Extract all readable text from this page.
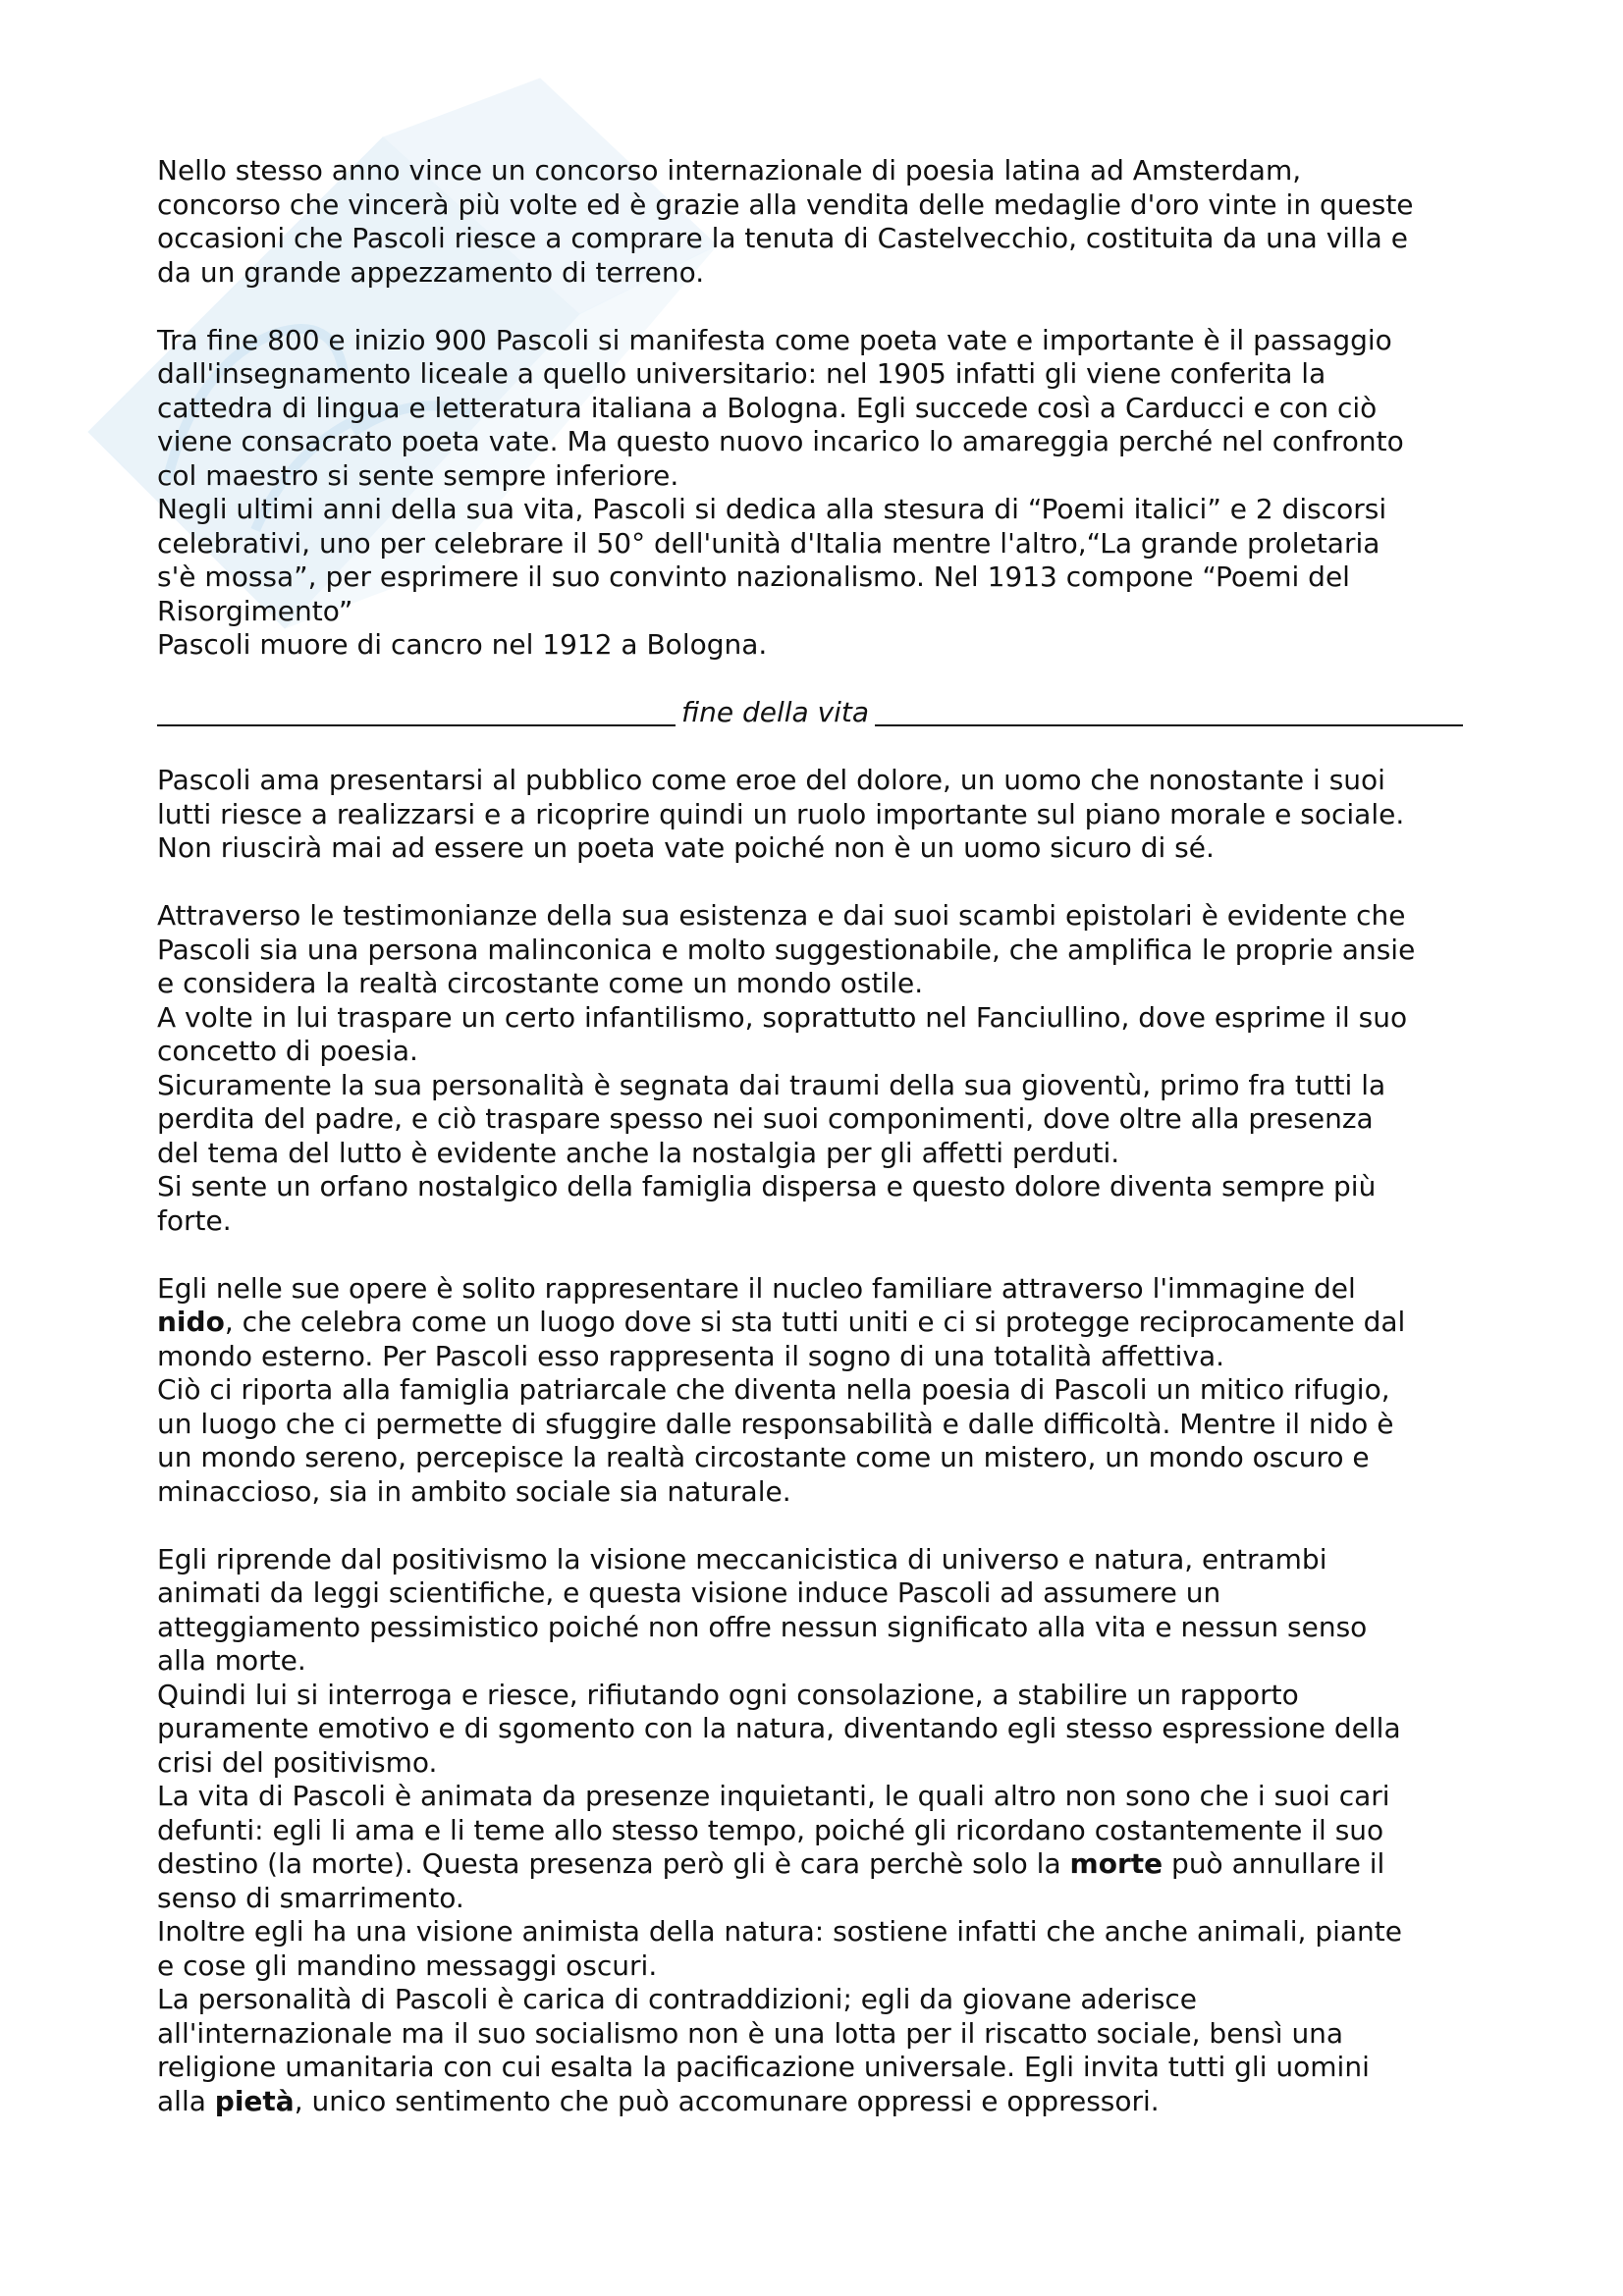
Nello stesso anno vince un concorso internazionale di poesia latina ad Amsterdam,

concorso che vincerà più volte ed è grazie alla vendita delle medaglie d'oro vinte in queste

occasioni che Pascoli riesce a comprare la tenuta di Castelvecchio, costituita da una villa e

da un grande appezzamento di terreno.

Tra fine 800 e inizio 900 Pascoli si manifesta come poeta vate e importante è il passaggio

dall'insegnamento liceale a quello universitario: nel 1905 infatti gli viene conferita la

cattedra di lingua e letteratura italiana a Bologna. Egli succede così a Carducci e con ciò

viene consacrato poeta vate. Ma questo nuovo incarico lo amareggia perché nel confronto

col maestro si sente sempre inferiore.

Negli ultimi anni della sua vita, Pascoli si dedica alla stesura di “Poemi italici” e 2 discorsi

celebrativi, uno per celebrare il 50° dell'unità d'Italia mentre l'altro,“La grande proletaria

s'è mossa”, per esprimere il suo convinto nazionalismo. Nel 1913 compone “Poemi del

Risorgimento”

Pascoli muore di cancro nel 1912 a Bologna.

fine della vita

Pascoli ama presentarsi al pubblico come eroe del dolore, un uomo che nonostante i suoi

lutti riesce a realizzarsi e a ricoprire quindi un ruolo importante sul piano morale e sociale.

Non riuscirà mai ad essere un poeta vate poiché non è un uomo sicuro di sé.

Attraverso le testimonianze della sua esistenza e dai suoi scambi epistolari è evidente che

Pascoli sia una persona malinconica e molto suggestionabile, che amplifica le proprie ansie

e considera la realtà circostante come un mondo ostile.

A volte in lui traspare un certo infantilismo, soprattutto nel Fanciullino, dove esprime il suo

concetto di poesia.

Sicuramente la sua personalità è segnata dai traumi della sua gioventù, primo fra tutti la

perdita del padre, e ciò traspare spesso nei suoi componimenti, dove oltre alla presenza

del tema del lutto è evidente anche la nostalgia per gli affetti perduti.

Si sente un orfano nostalgico della famiglia dispersa e questo dolore diventa sempre più

forte.

Egli nelle sue opere è solito rappresentare il nucleo familiare attraverso l'immagine del

nido, che celebra come un luogo dove si sta tutti uniti e ci si protegge reciprocamente dal

mondo esterno. Per Pascoli esso rappresenta il sogno di una totalità affettiva.

Ciò ci riporta alla famiglia patriarcale che diventa nella poesia di Pascoli un mitico rifugio,

un luogo che ci permette di sfuggire dalle responsabilità e dalle difficoltà. Mentre il nido è

un mondo sereno, percepisce la realtà circostante come un mistero, un mondo oscuro e

minaccioso, sia in ambito sociale sia naturale.

Egli riprende dal positivismo la visione meccanicistica di universo e natura, entrambi

animati da leggi scientifiche, e questa visione induce Pascoli ad assumere un

atteggiamento pessimistico poiché non offre nessun significato alla vita e nessun senso

alla morte.

Quindi lui si interroga e riesce, rifiutando ogni consolazione, a stabilire un rapporto

puramente emotivo e di sgomento con la natura, diventando egli stesso espressione della

crisi del positivismo.

La vita di Pascoli è animata da presenze inquietanti, le quali altro non sono che i suoi cari

defunti: egli li ama e li teme allo stesso tempo, poiché gli ricordano costantemente il suo

destino (la morte). Questa presenza però gli è cara perchè solo la morte può annullare il

senso di smarrimento.

Inoltre egli ha una visione animista della natura: sostiene infatti che anche animali, piante

e cose gli mandino messaggi oscuri.

La personalità di Pascoli è carica di contraddizioni; egli da giovane aderisce

all'internazionale ma il suo socialismo non è una lotta per il riscatto sociale, bensì una

religione umanitaria con cui esalta la pacificazione universale. Egli invita tutti gli uomini

alla pietà, unico sentimento che può accomunare oppressi e oppressori.
